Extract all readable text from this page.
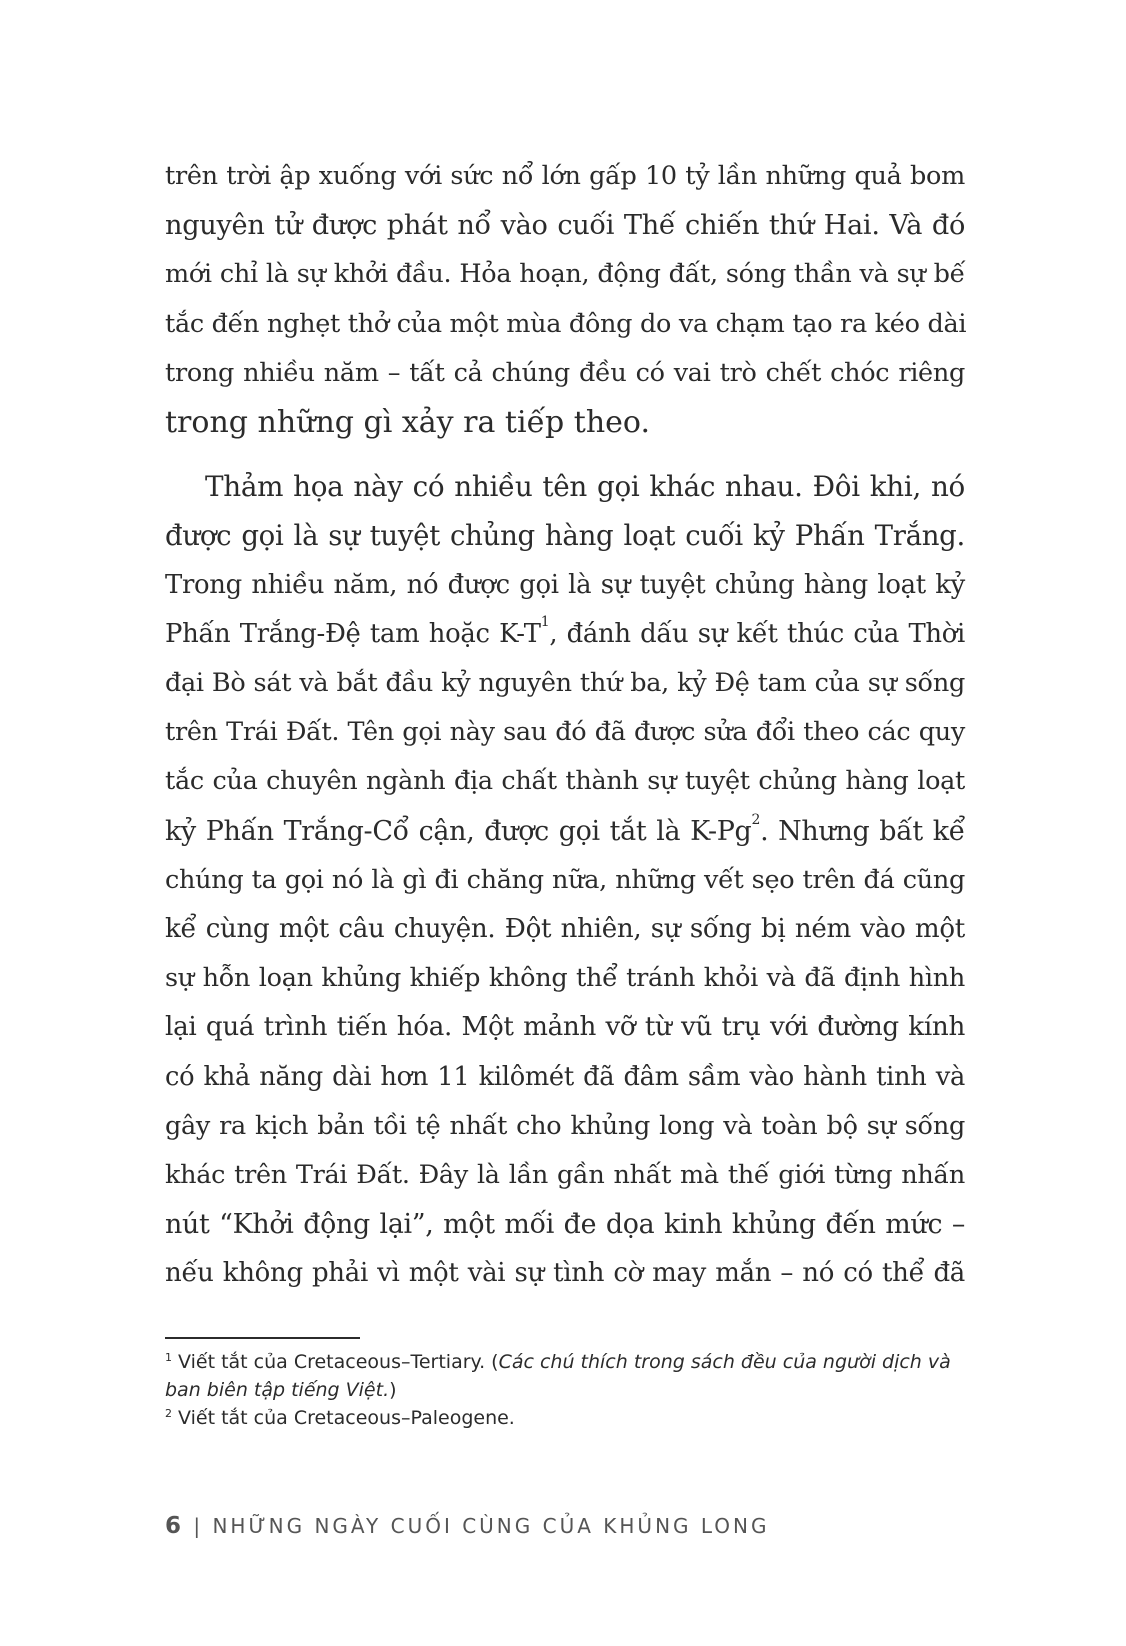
trên trời ập xuống với sức nổ lớn gấp 10 tỷ lần những quả bom
nguyên tử được phát nổ vào cuối Thế chiến thứ Hai. Và đó
mới chỉ là sự khởi đầu. Hỏa hoạn, động đất, sóng thần và sự bế
tắc đến nghẹt thở của một mùa đông do va chạm tạo ra kéo dài
trong nhiều năm – tất cả chúng đều có vai trò chết chóc riêng
trong những gì xảy ra tiếp theo.

Thảm họa này có nhiều tên gọi khác nhau. Đôi khi, nó
được gọi là sự tuyệt chủng hàng loạt cuối kỷ Phấn Trắng.
Trong nhiều năm, nó được gọi là sự tuyệt chủng hàng loạt kỷ
Phấn Trắng-Đệ tam hoặc K-T$^1$, đánh dấu sự kết thúc của Thời
đại Bò sát và bắt đầu kỷ nguyên thứ ba, kỷ Đệ tam của sự sống
trên Trái Đất. Tên gọi này sau đó đã được sửa đổi theo các quy
tắc của chuyên ngành địa chất thành sự tuyệt chủng hàng loạt
kỷ Phấn Trắng-Cổ cận, được gọi tắt là K-Pg$^2$. Nhưng bất kể
chúng ta gọi nó là gì đi chăng nữa, những vết sẹo trên đá cũng
kể cùng một câu chuyện. Đột nhiên, sự sống bị ném vào một
sự hỗn loạn khủng khiếp không thể tránh khỏi và đã định hình
lại quá trình tiến hóa. Một mảnh vỡ từ vũ trụ với đường kính
có khả năng dài hơn 11 kilômét đã đâm sầm vào hành tinh và
gây ra kịch bản tồi tệ nhất cho khủng long và toàn bộ sự sống
khác trên Trái Đất. Đây là lần gần nhất mà thế giới từng nhấn
nút “Khởi động lại”, một mối đe dọa kinh khủng đến mức –
nếu không phải vì một vài sự tình cờ may mắn – nó có thể đã

$^1$ Viết tắt của Cretaceous–Tertiary. (Các chú thích trong sách đều của người dịch và ban biên tập tiếng Việt.)

$^2$ Viết tắt của Cretaceous–Paleogene.

6 | NHỮNG NGÀY CUỐI CÙNG CỦA KHỦNG LONG
